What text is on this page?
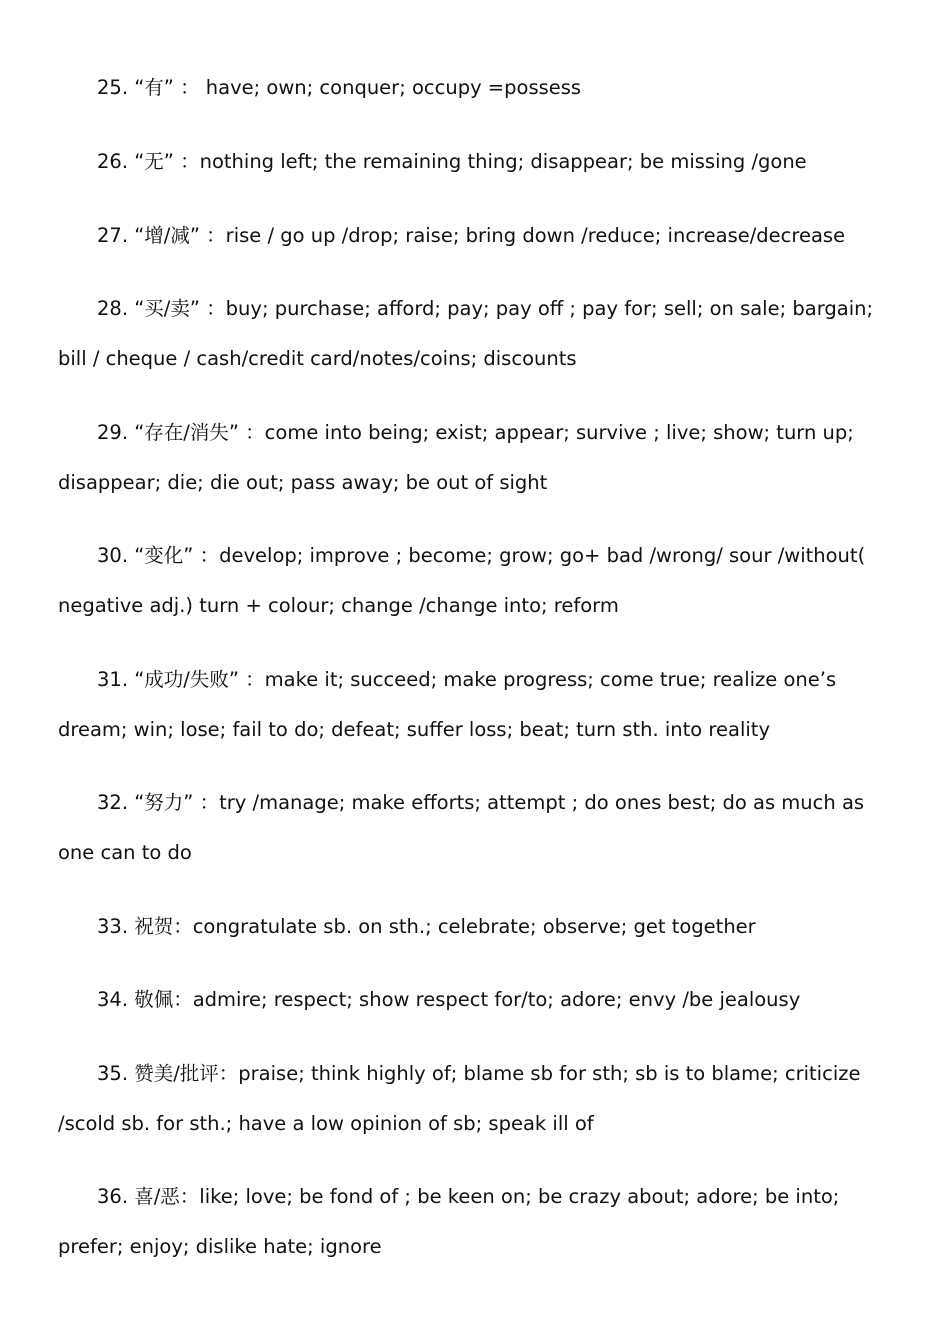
25. “有” ： have; own; conquer; occupy =possess
26. “无” ：nothing left; the remaining thing; disappear; be missing /gone
27. “增/减” ：rise / go up /drop; raise; bring down /reduce; increase/decrease
28. “买/卖” ：buy; purchase; afford; pay; pay off ; pay for; sell; on sale; bargain; bill / cheque / cash/credit card/notes/coins; discounts
29. “存在/消失” ：come into being; exist; appear; survive ; live; show; turn up; disappear; die; die out; pass away; be out of sight
30. “变化” ：develop; improve ; become; grow; go+ bad /wrong/ sour /without( negative adj.) turn + colour; change /change into; reform
31. “成功/失败” ：make it; succeed; make progress; come true; realize one’s dream; win; lose; fail to do; defeat; suffer loss; beat; turn sth. into reality
32. “努力” ：try /manage; make efforts; attempt ; do ones best; do as much as one can to do
33. 祝贺：congratulate sb. on sth.; celebrate; observe; get together
34. 敬佩：admire; respect; show respect for/to; adore; envy /be jealousy
35. 赞美/批评：praise; think highly of; blame sb for sth; sb is to blame; criticize /scold sb. for sth.; have a low opinion of sb; speak ill of
36. 喜/恶：like; love; be fond of ; be keen on; be crazy about; adore; be into; prefer; enjoy; dislike hate; ignore
